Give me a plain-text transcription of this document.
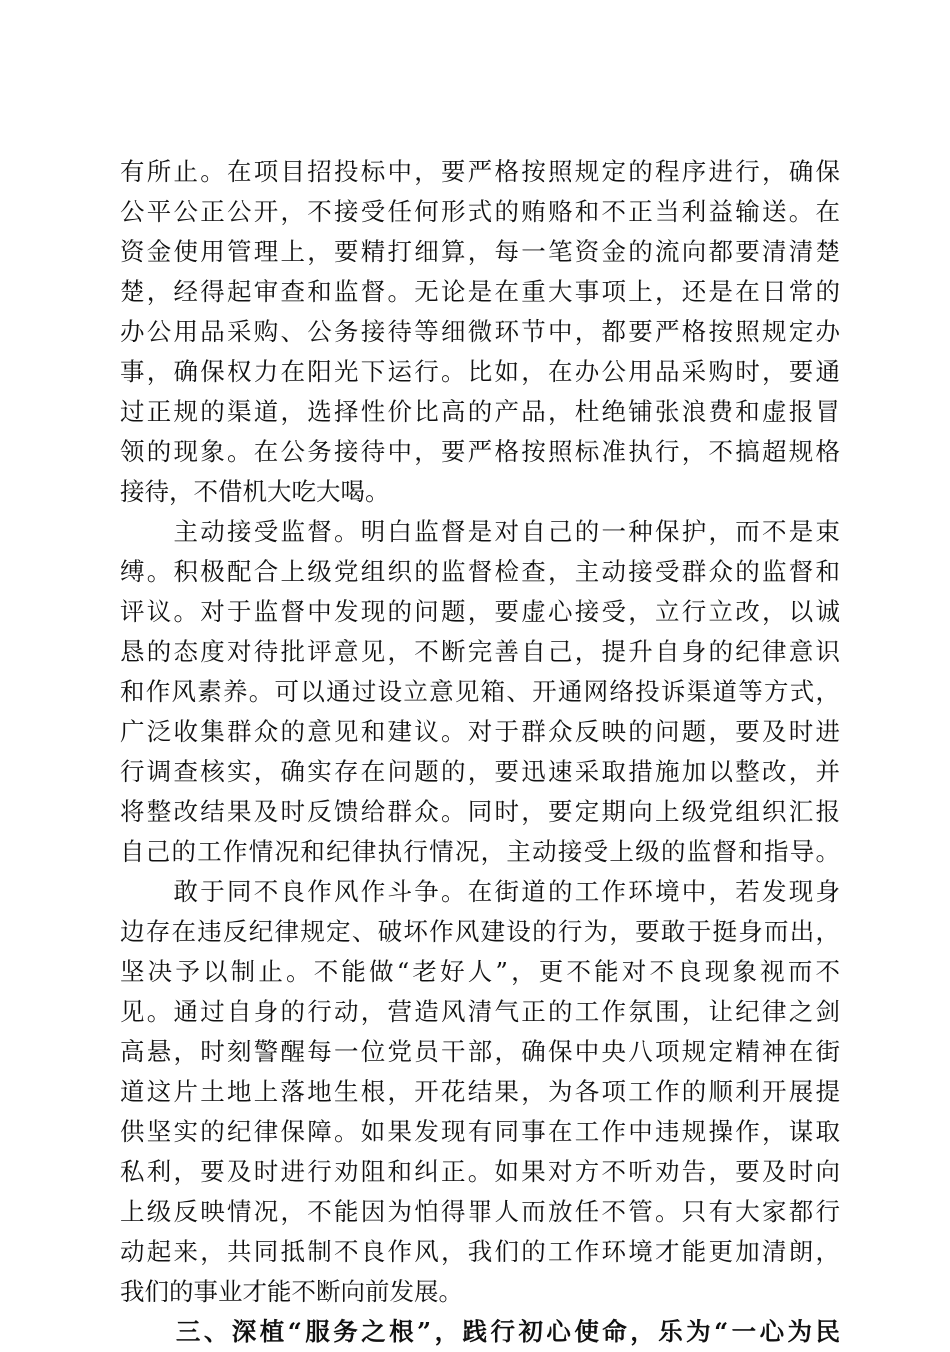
有所止。在项目招投标中，要严格按照规定的程序进行，确保
公平公正公开，不接受任何形式的贿赂和不正当利益输送。在
资金使用管理上，要精打细算，每一笔资金的流向都要清清楚
楚，经得起审查和监督。无论是在重大事项上，还是在日常的
办公用品采购、公务接待等细微环节中，都要严格按照规定办
事，确保权力在阳光下运行。比如，在办公用品采购时，要通
过正规的渠道，选择性价比高的产品，杜绝铺张浪费和虚报冒
领的现象。在公务接待中，要严格按照标准执行，不搞超规格
接待，不借机大吃大喝。
　　主动接受监督。明白监督是对自己的一种保护，而不是束
缚。积极配合上级党组织的监督检查，主动接受群众的监督和
评议。对于监督中发现的问题，要虚心接受，立行立改，以诚
恳的态度对待批评意见，不断完善自己，提升自身的纪律意识
和作风素养。可以通过设立意见箱、开通网络投诉渠道等方式，
广泛收集群众的意见和建议。对于群众反映的问题，要及时进
行调查核实，确实存在问题的，要迅速采取措施加以整改，并
将整改结果及时反馈给群众。同时，要定期向上级党组织汇报
自己的工作情况和纪律执行情况，主动接受上级的监督和指导。
　　敢于同不良作风作斗争。在街道的工作环境中，若发现身
边存在违反纪律规定、破坏作风建设的行为，要敢于挺身而出，
坚决予以制止。不能做“老好人”，更不能对不良现象视而不
见。通过自身的行动，营造风清气正的工作氛围，让纪律之剑
高悬，时刻警醒每一位党员干部，确保中央八项规定精神在街
道这片土地上落地生根，开花结果，为各项工作的顺利开展提
供坚实的纪律保障。如果发现有同事在工作中违规操作，谋取
私利，要及时进行劝阻和纠正。如果对方不听劝告，要及时向
上级反映情况，不能因为怕得罪人而放任不管。只有大家都行
动起来，共同抵制不良作风，我们的工作环境才能更加清朗，
我们的事业才能不断向前发展。
　　三、深植“服务之根”，践行初心使命，乐为“一心为民
